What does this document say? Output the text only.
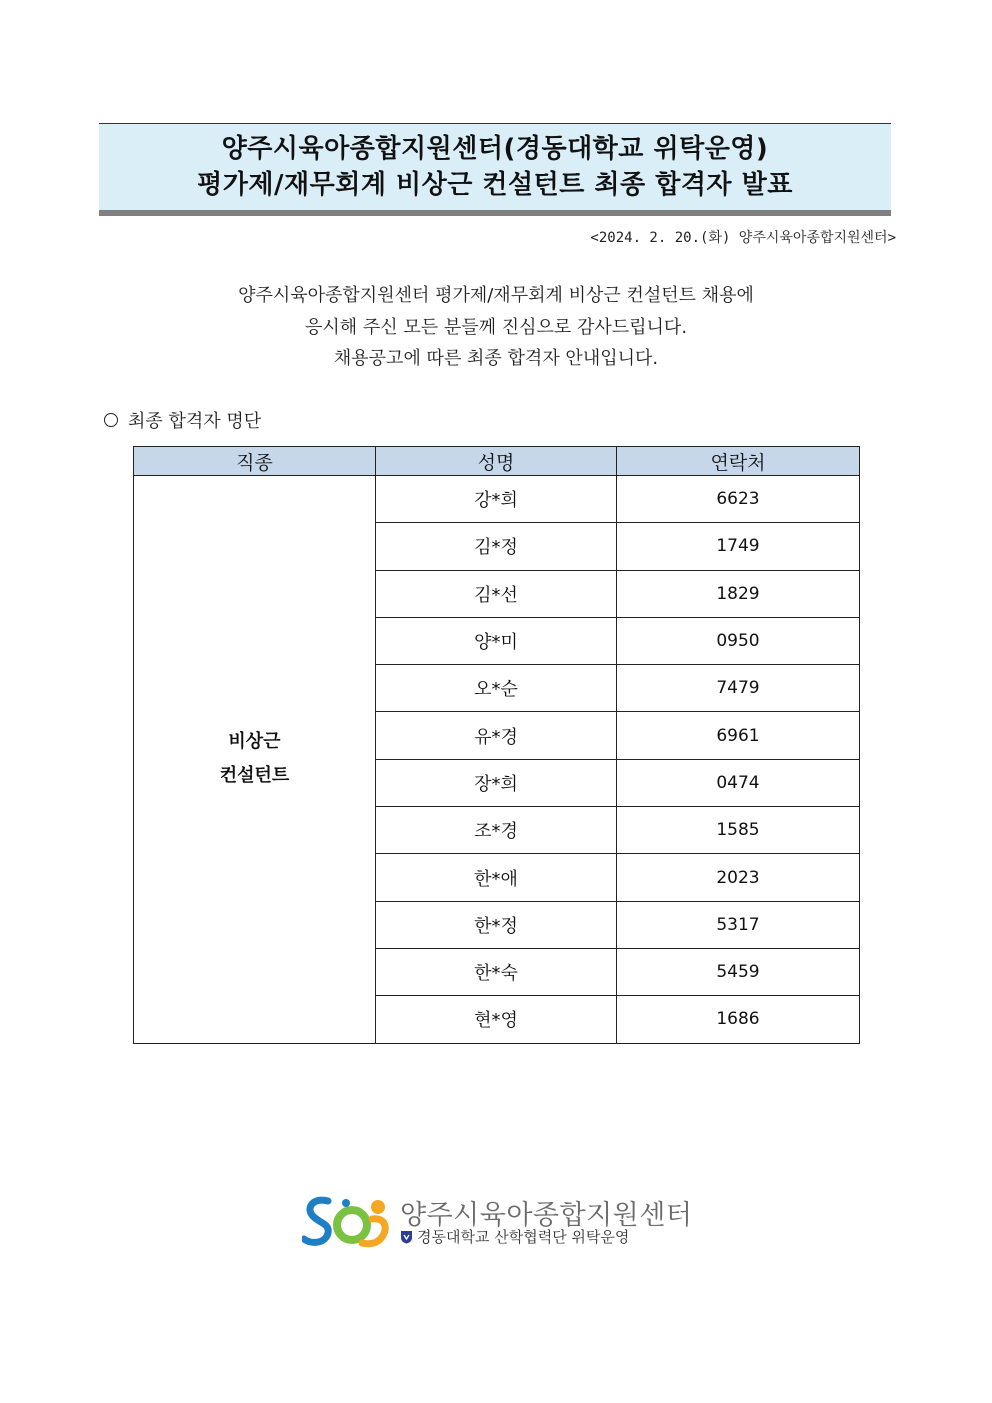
양주시육아종합지원센터(경동대학교 위탁운영)
평가제/재무회계 비상근 컨설턴트 최종 합격자 발표
<2024. 2. 20.(화) 양주시육아종합지원센터>
양주시육아종합지원센터 평가제/재무회계 비상근 컨설턴트 채용에
응시해 주신 모든 분들께 진심으로 감사드립니다.
채용공고에 따른 최종 합격자 안내입니다.
최종 합격자 명단
직종	성명	연락처

비상근
컨설턴트	강*희	6623
	김*정	1749
	김*선	1829
	양*미	0950
	오*순	7479
	유*경	6961
	장*희	0474
	조*경	1585
	한*애	2023
	한*정	5317
	한*숙	5459
	현*영	1686
양주시육아종합지원센터
경동대학교 산학협력단 위탁운영
